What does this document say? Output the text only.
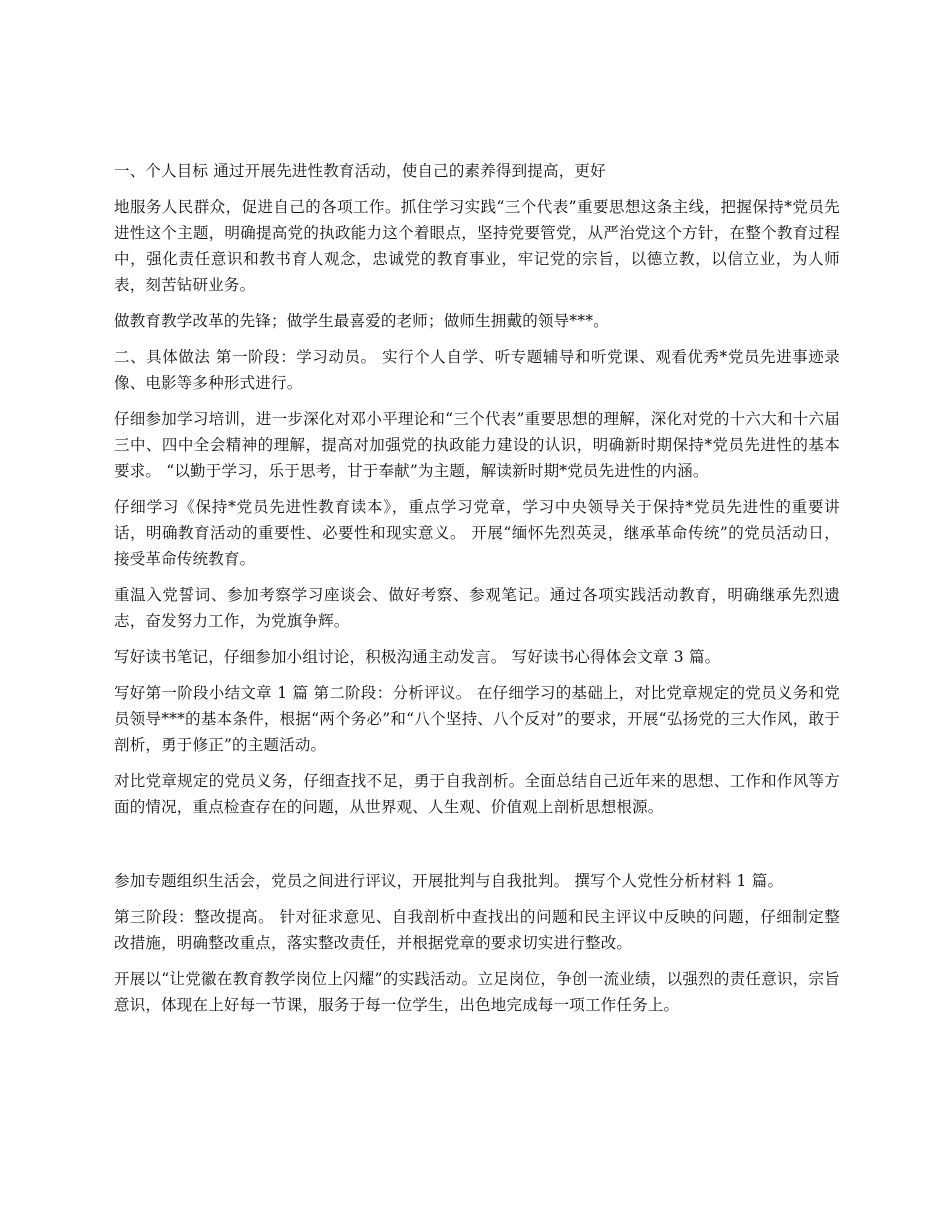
一、个人目标 通过开展先进性教育活动，使自己的素养得到提高，更好

地服务人民群众，促进自己的各项工作。抓住学习实践“三个代表”重要思想这条主线，把握保持*党员先进性这个主题，明确提高党的执政能力这个着眼点，坚持党要管党，从严治党这个方针，在整个教育过程中，强化责任意识和教书育人观念，忠诚党的教育事业，牢记党的宗旨，以德立教，以信立业，为人师表，刻苦钻研业务。

做教育教学改革的先锋；做学生最喜爱的老师；做师生拥戴的领导***。

二、具体做法 第一阶段：学习动员。 实行个人自学、听专题辅导和听党课、观看优秀*党员先进事迹录像、电影等多种形式进行。

仔细参加学习培训，进一步深化对邓小平理论和“三个代表”重要思想的理解，深化对党的十六大和十六届三中、四中全会精神的理解，提高对加强党的执政能力建设的认识，明确新时期保持*党员先进性的基本要求。 “以勤于学习，乐于思考，甘于奉献”为主题，解读新时期*党员先进性的内涵。

仔细学习《保持*党员先进性教育读本》，重点学习党章，学习中央领导关于保持*党员先进性的重要讲话，明确教育活动的重要性、必要性和现实意义。 开展“缅怀先烈英灵，继承革命传统”的党员活动日，接受革命传统教育。

重温入党誓词、参加考察学习座谈会、做好考察、参观笔记。通过各项实践活动教育，明确继承先烈遗志，奋发努力工作，为党旗争辉。

写好读书笔记，仔细参加小组讨论，积极沟通主动发言。 写好读书心得体会文章 3 篇。

写好第一阶段小结文章 1 篇 第二阶段：分析评议。 在仔细学习的基础上，对比党章规定的党员义务和党员领导***的基本条件，根据“两个务必”和“八个坚持、八个反对”的要求，开展“弘扬党的三大作风，敢于剖析，勇于修正”的主题活动。

对比党章规定的党员义务，仔细查找不足，勇于自我剖析。全面总结自己近年来的思想、工作和作风等方面的情况，重点检查存在的问题，从世界观、人生观、价值观上剖析思想根源。

参加专题组织生活会，党员之间进行评议，开展批判与自我批判。 撰写个人党性分析材料 1 篇。

第三阶段：整改提高。 针对征求意见、自我剖析中查找出的问题和民主评议中反映的问题，仔细制定整改措施，明确整改重点，落实整改责任，并根据党章的要求切实进行整改。

开展以“让党徽在教育教学岗位上闪耀”的实践活动。立足岗位，争创一流业绩，以强烈的责任意识，宗旨意识，体现在上好每一节课，服务于每一位学生，出色地完成每一项工作任务上。
